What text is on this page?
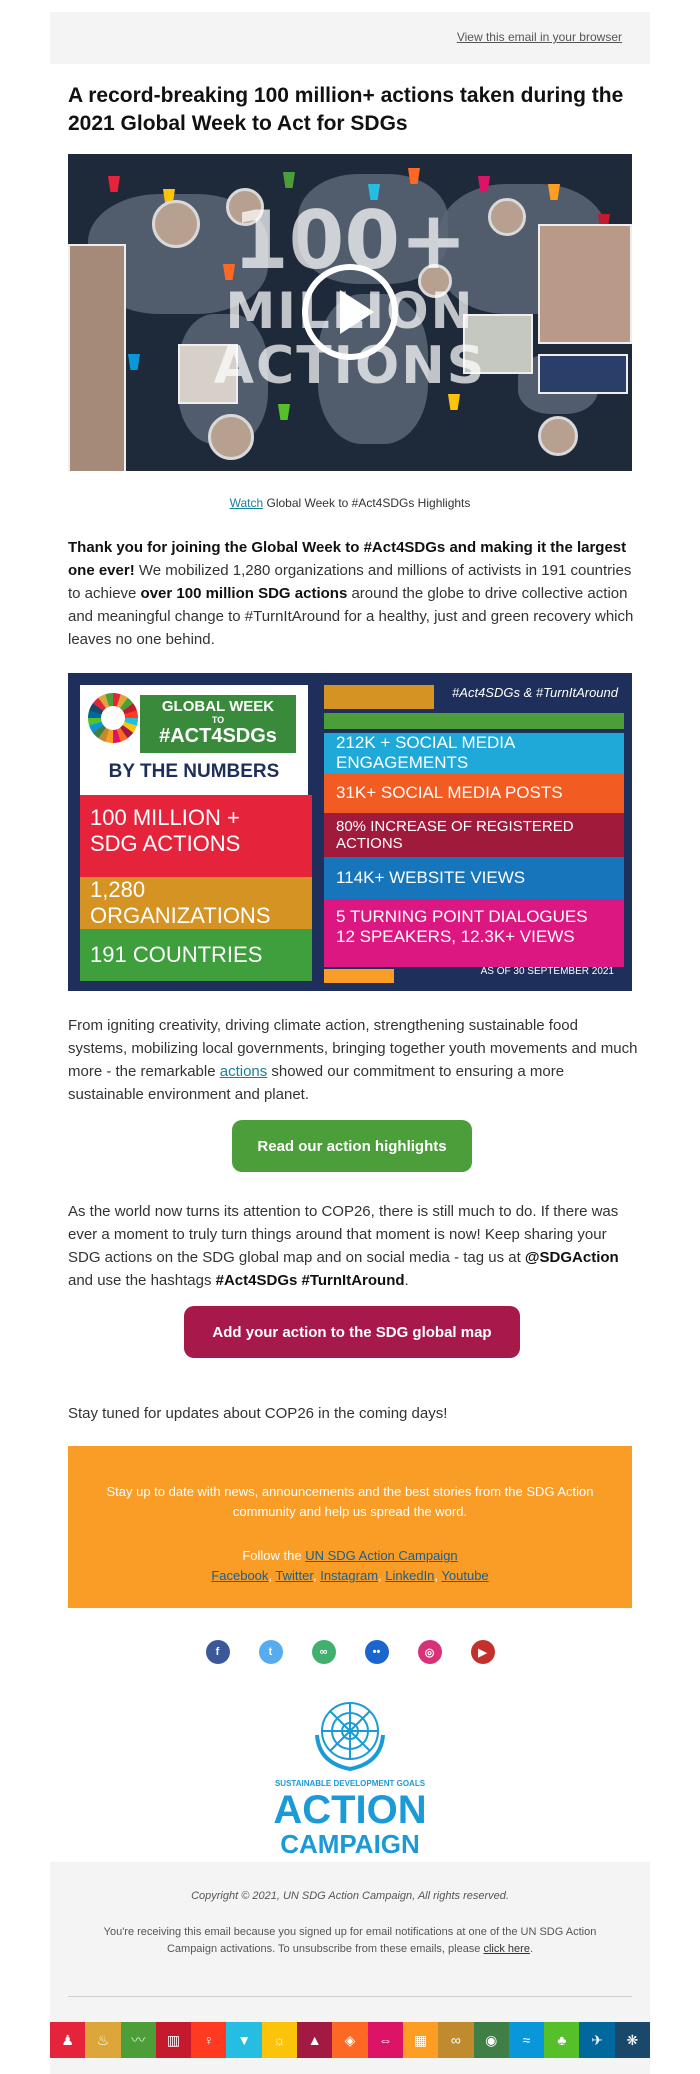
View this email in your browser
A record-breaking 100 million+ actions taken during the 2021 Global Week to Act for SDGs
100+
MILLION
ACTIONS
Watch Global Week to #Act4SDGs Highlights
Thank you for joining the Global Week to #Act4SDGs and making it the largest one ever! We mobilized 1,280 organizations and millions of activists in 191 countries to achieve over 100 million SDG actions around the globe to drive collective action and meaningful change to #TurnItAround for a healthy, just and green recovery which leaves no one behind.
GLOBAL WEEK
TO
#ACT4SDGs
BY THE NUMBERS
#Act4SDGs & #TurnItAround
100 MILLION +
SDG ACTIONS
1,280 ORGANIZATIONS
191 COUNTRIES
212K + SOCIAL MEDIA ENGAGEMENTS
31K+ SOCIAL MEDIA POSTS
80% INCREASE OF REGISTERED ACTIONS
114K+ WEBSITE VIEWS
5 TURNING POINT DIALOGUES
12 SPEAKERS, 12.3K+ VIEWS
AS OF 30 SEPTEMBER 2021
From igniting creativity, driving climate action, strengthening sustainable food systems, mobilizing local governments, bringing together youth movements and much more - the remarkable actions showed our commitment to ensuring a more sustainable environment and planet.
Read our action highlights
As the world now turns its attention to COP26, there is still much to do. If there was ever a moment to truly turn things around that moment is now! Keep sharing your SDG actions on the SDG global map and on social media - tag us at @SDGAction and use the hashtags #Act4SDGs #TurnItAround.
Add your action to the SDG global map
Stay tuned for updates about COP26 in the coming days!
Stay up to date with news, announcements and the best stories from the SDG Action community and help us spread the word.
Follow the UN SDG Action Campaign
Facebook, Twitter, Instagram, LinkedIn, Youtube
f	t	∞	••	◎	▶
SUSTAINABLE DEVELOPMENT GOALS
ACTION
CAMPAIGN
Copyright © 2021, UN SDG Action Campaign, All rights reserved.
You're receiving this email because you signed up for email notifications at one of the UN SDG Action Campaign activations. To unsubscribe from these emails, please click here.
♟	♨	〰	▥	♀	▼	☼	▲	◈	⇔	▦	∞	◉	≈	♣	✈	❋
